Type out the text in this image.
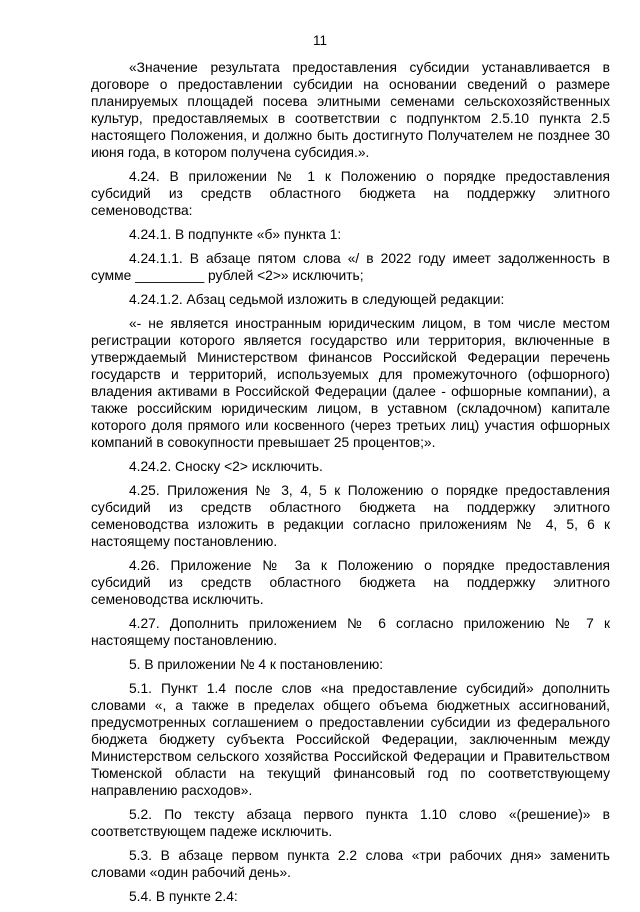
11

«Значение результата предоставления субсидии устанавливается в договоре о предоставлении субсидии на основании сведений о размере планируемых площадей посева элитными семенами сельскохозяйственных культур, предоставляемых в соответствии с подпунктом 2.5.10 пункта 2.5 настоящего Положения, и должно быть достигнуто Получателем не позднее 30 июня года, в котором получена субсидия.».

4.24. В приложении № 1 к Положению о порядке предоставления субсидий из средств областного бюджета на поддержку элитного семеноводства:

4.24.1. В подпункте «б» пункта 1:

4.24.1.1. В абзаце пятом слова «/ в 2022 году имеет задолженность в сумме _________ рублей <2>» исключить;

4.24.1.2. Абзац седьмой изложить в следующей редакции:

«- не является иностранным юридическим лицом, в том числе местом регистрации которого является государство или территория, включенные в утверждаемый Министерством финансов Российской Федерации перечень государств и территорий, используемых для промежуточного (офшорного) владения активами в Российской Федерации (далее - офшорные компании), а также российским юридическим лицом, в уставном (складочном) капитале которого доля прямого или косвенного (через третьих лиц) участия офшорных компаний в совокупности превышает 25 процентов;».

4.24.2. Сноску <2> исключить.

4.25. Приложения № 3, 4, 5 к Положению о порядке предоставления субсидий из средств областного бюджета на поддержку элитного семеноводства изложить в редакции согласно приложениям № 4, 5, 6 к настоящему постановлению.

4.26. Приложение № 3а к Положению о порядке предоставления субсидий из средств областного бюджета на поддержку элитного семеноводства исключить.

4.27. Дополнить приложением № 6 согласно приложению № 7 к настоящему постановлению.

5. В приложении № 4 к постановлению:

5.1. Пункт 1.4 после слов «на предоставление субсидий» дополнить словами «, а также в пределах общего объема бюджетных ассигнований, предусмотренных соглашением о предоставлении субсидии из федерального бюджета бюджету субъекта Российской Федерации, заключенным между Министерством сельского хозяйства Российской Федерации и Правительством Тюменской области на текущий финансовый год по соответствующему направлению расходов».

5.2. По тексту абзаца первого пункта 1.10 слово «(решение)» в соответствующем падеже исключить.

5.3. В абзаце первом пункта 2.2 слова «три рабочих дня» заменить словами «один рабочий день».

5.4. В пункте 2.4:
